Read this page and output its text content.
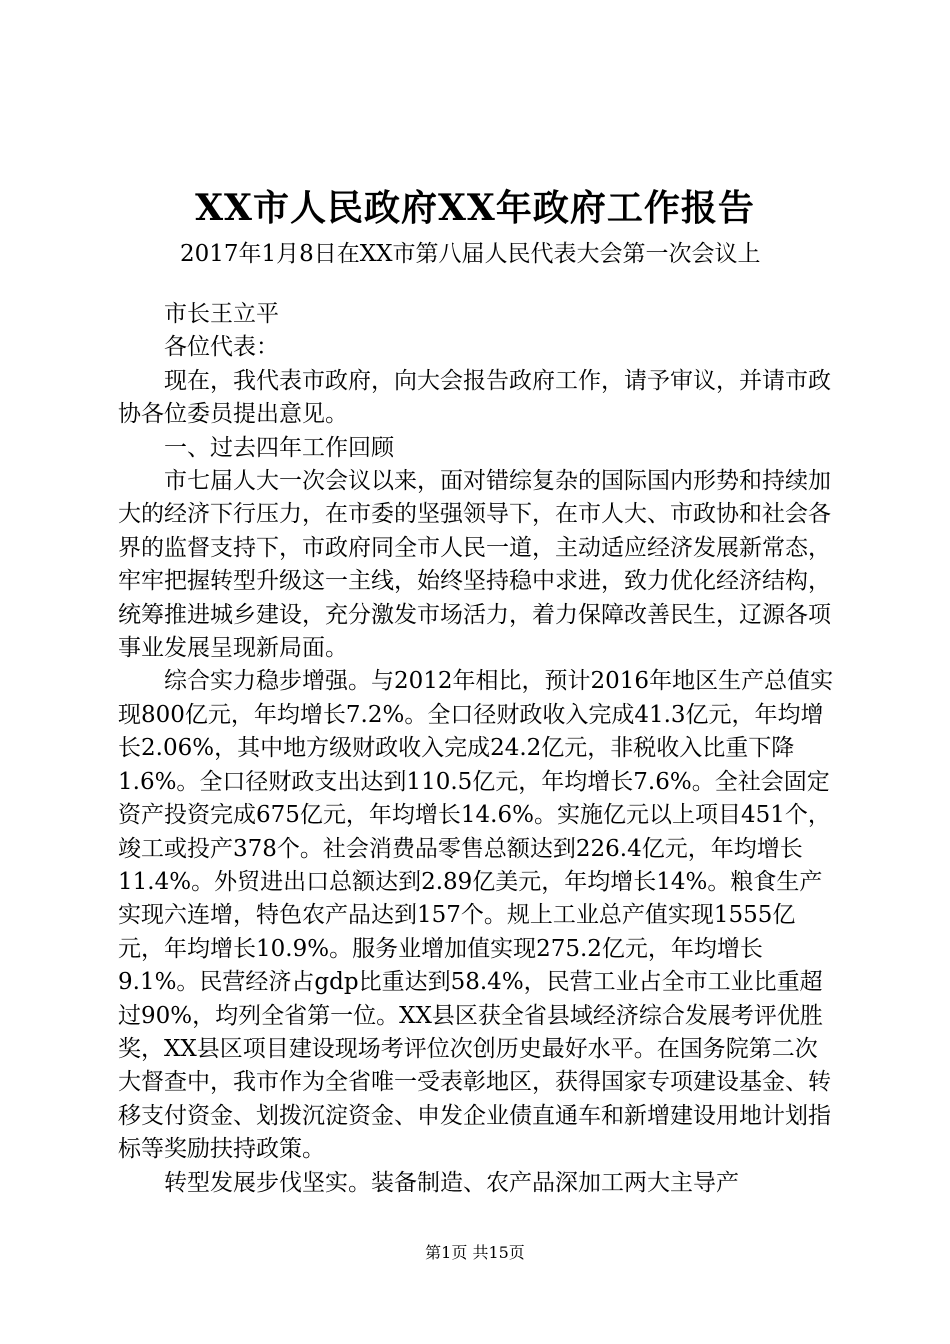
XX市人民政府XX年政府工作报告
2017年1月8日在XX市第八届人民代表大会第一次会议上

市长王立平

各位代表：

现在，我代表市政府，向大会报告政府工作，请予审议，并请市政协各位委员提出意见。

一、过去四年工作回顾

市七届人大一次会议以来，面对错综复杂的国际国内形势和持续加大的经济下行压力，在市委的坚强领导下，在市人大、市政协和社会各界的监督支持下，市政府同全市人民一道，主动适应经济发展新常态，牢牢把握转型升级这一主线，始终坚持稳中求进，致力优化经济结构，统筹推进城乡建设，充分激发市场活力，着力保障改善民生，辽源各项事业发展呈现新局面。

综合实力稳步增强。与2012年相比，预计2016年地区生产总值实现800亿元，年均增长7.2%。全口径财政收入完成41.3亿元，年均增长2.06%，其中地方级财政收入完成24.2亿元，非税收入比重下降1.6%。全口径财政支出达到110.5亿元，年均增长7.6%。全社会固定资产投资完成675亿元，年均增长14.6%。实施亿元以上项目451个，竣工或投产378个。社会消费品零售总额达到226.4亿元，年均增长11.4%。外贸进出口总额达到2.89亿美元，年均增长14%。粮食生产实现六连增，特色农产品达到157个。规上工业总产值实现1555亿元，年均增长10.9%。服务业增加值实现275.2亿元，年均增长9.1%。民营经济占gdp比重达到58.4%，民营工业占全市工业比重超过90%，均列全省第一位。XX县区获全省县域经济综合发展考评优胜奖，XX县区项目建设现场考评位次创历史最好水平。在国务院第二次大督查中，我市作为全省唯一受表彰地区，获得国家专项建设基金、转移支付资金、划拨沉淀资金、申发企业债直通车和新增建设用地计划指标等奖励扶持政策。

转型发展步伐坚实。装备制造、农产品深加工两大主导产

第1页 共15页
